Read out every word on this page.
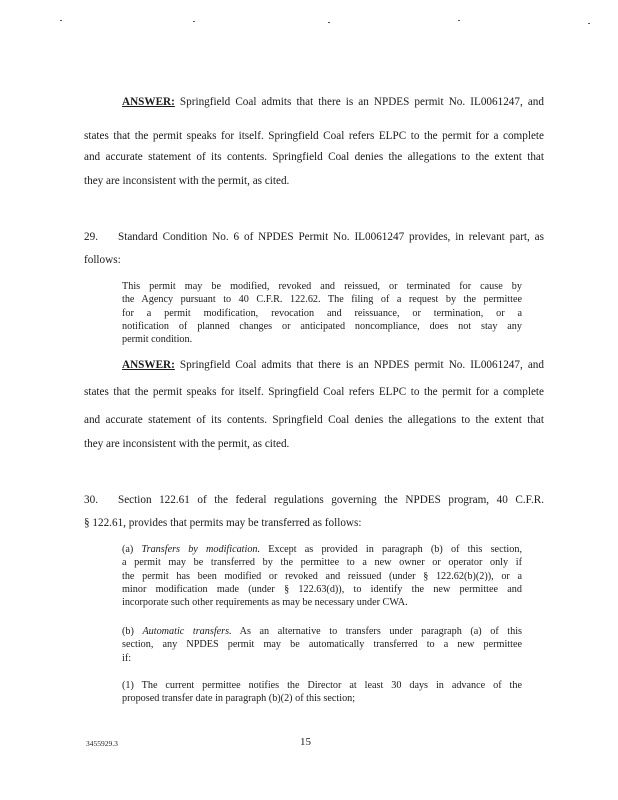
ANSWER: Springfield Coal admits that there is an NPDES permit No. IL0061247, and
states that the permit speaks for itself. Springfield Coal refers ELPC to the permit for a complete
and accurate statement of its contents. Springfield Coal denies the allegations to the extent that
they are inconsistent with the permit, as cited.
29. Standard Condition No. 6 of NPDES Permit No. IL0061247 provides, in relevant part, as
follows:
This permit may be modified, revoked and reissued, or terminated for cause by
the Agency pursuant to 40 C.F.R. 122.62. The filing of a request by the permittee
for a permit modification, revocation and reissuance, or termination, or a
notification of planned changes or anticipated noncompliance, does not stay any
permit condition.
ANSWER: Springfield Coal admits that there is an NPDES permit No. IL0061247, and
states that the permit speaks for itself. Springfield Coal refers ELPC to the permit for a complete
and accurate statement of its contents. Springfield Coal denies the allegations to the extent that
they are inconsistent with the permit, as cited.
30. Section 122.61 of the federal regulations governing the NPDES program, 40 C.F.R.
§ 122.61, provides that permits may be transferred as follows:
(a) Transfers by modification. Except as provided in paragraph (b) of this section,
a permit may be transferred by the permittee to a new owner or operator only if
the permit has been modified or revoked and reissued (under § 122.62(b)(2)), or a
minor modification made (under § 122.63(d)), to identify the new permittee and
incorporate such other requirements as may be necessary under CWA.
(b) Automatic transfers. As an alternative to transfers under paragraph (a) of this
section, any NPDES permit may be automatically transferred to a new permittee
if:
(1) The current permittee notifies the Director at least 30 days in advance of the
proposed transfer date in paragraph (b)(2) of this section;
3455929.3	15
